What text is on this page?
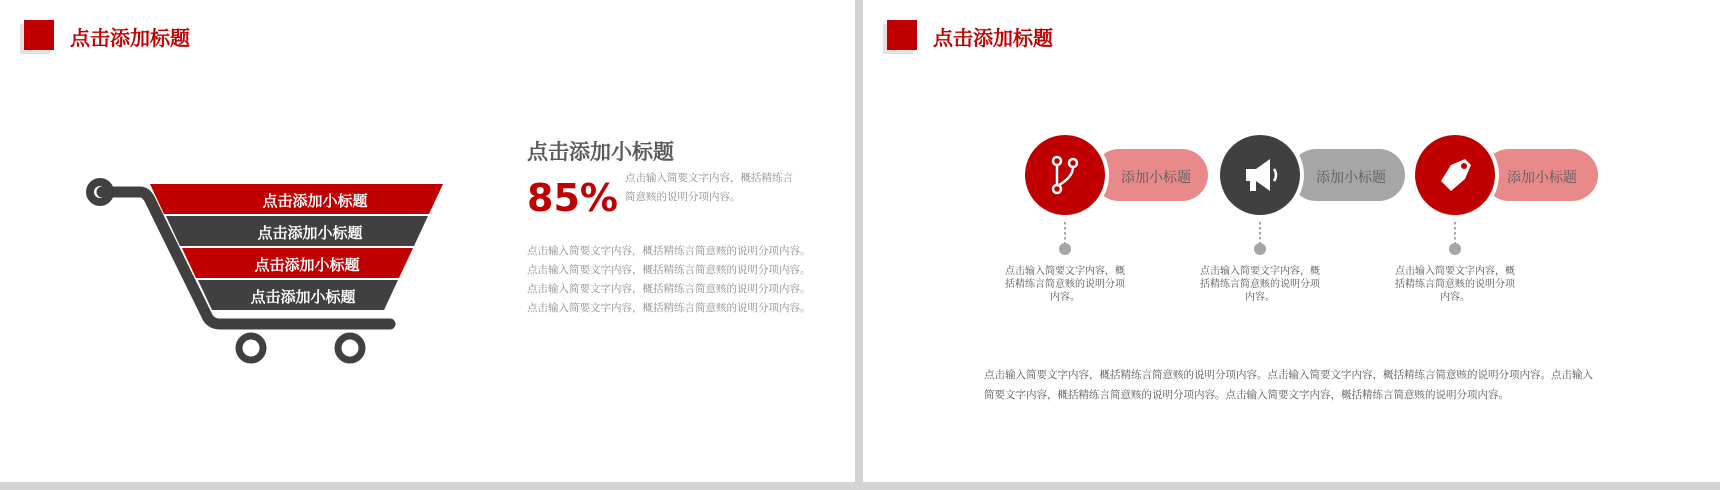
点击添加标题
点击添加小标题
点击添加小标题
点击添加小标题
点击添加小标题
点击添加小标题
85% 点击输入简要文字内容，概括精练言
简意赅的说明分项内容。
点击输入简要文字内容，概括精练言简意赅的说明分项内容。
点击输入简要文字内容，概括精练言简意赅的说明分项内容。
点击输入简要文字内容，概括精练言简意赅的说明分项内容。
点击输入简要文字内容，概括精练言简意赅的说明分项内容。
点击添加标题
添加小标题
点击输入简要文字内容，概
括精练言简意赅的说明分项
内容。
添加小标题
点击输入简要文字内容，概
括精练言简意赅的说明分项
内容。
添加小标题
点击输入简要文字内容，概
括精练言简意赅的说明分项
内容。
点击输入简要文字内容，概括精练言简意赅的说明分项内容。点击输入简要文字内容，概括精练言简意赅的说明分项内容。点击输入
简要文字内容，概括精练言简意赅的说明分项内容。点击输入简要文字内容，概括精练言简意赅的说明分项内容。
